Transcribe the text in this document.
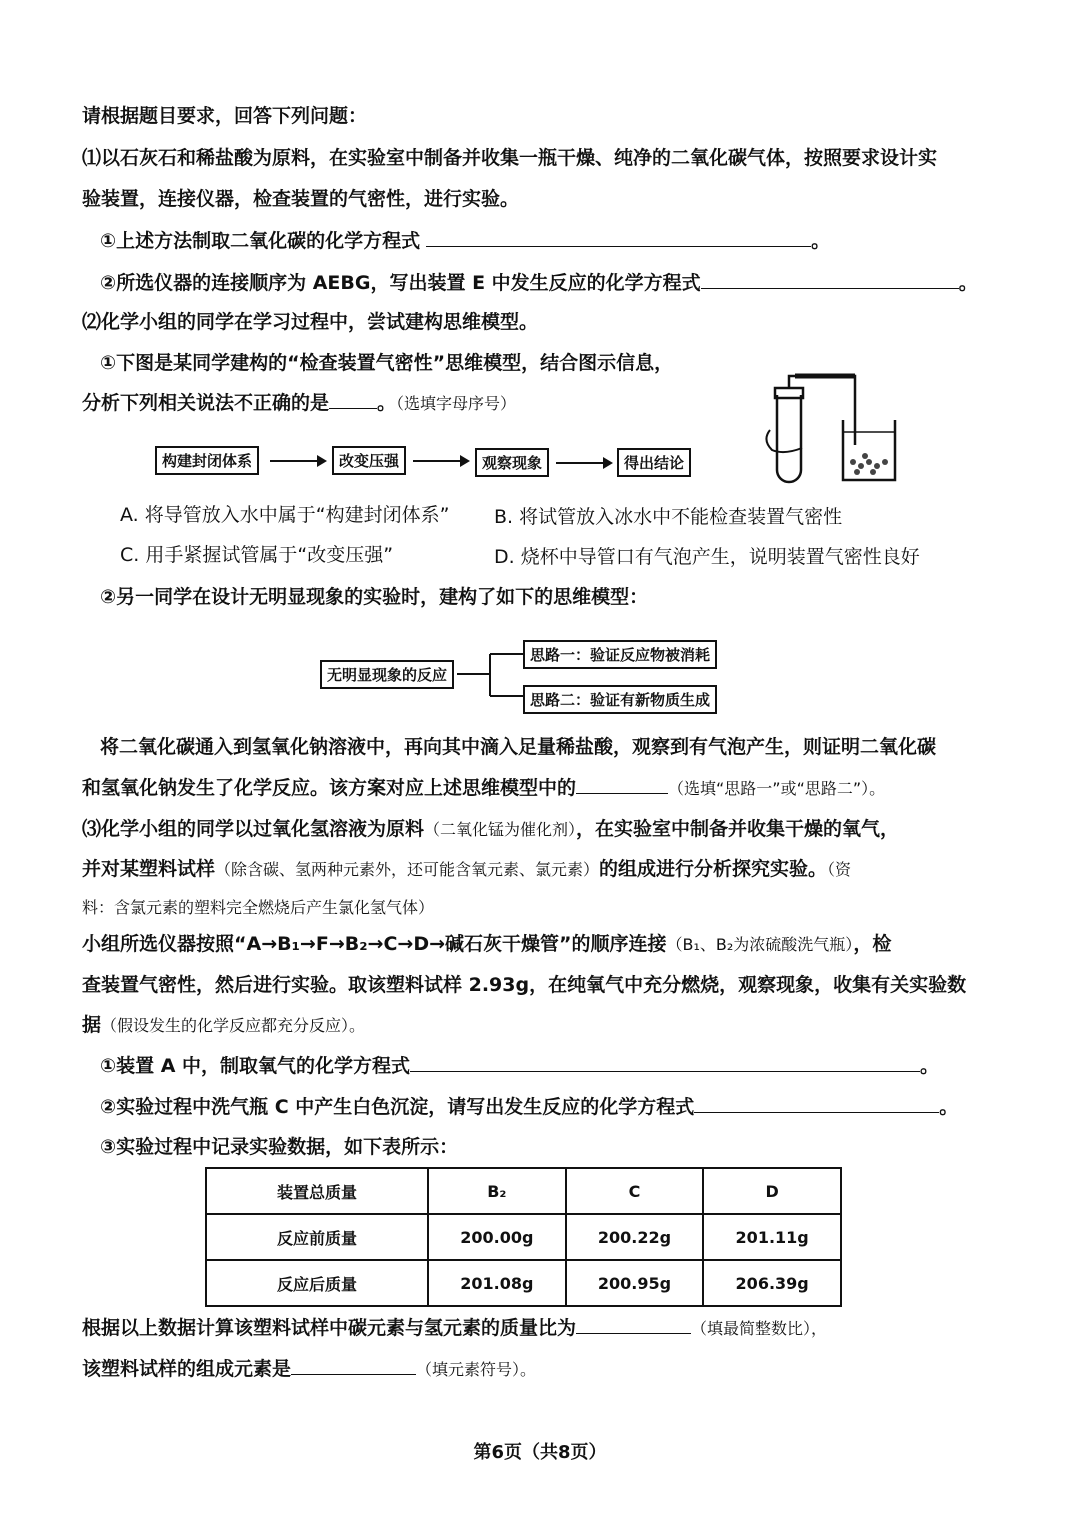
请根据题目要求，回答下列问题：
⑴以石灰石和稀盐酸为原料，在实验室中制备并收集一瓶干燥、纯净的二氧化碳气体，按照要求设计实
验装置，连接仪器，检查装置的气密性，进行实验。
①上述方法制取二氧化碳的化学方程式	。
②所选仪器的连接顺序为 AEBG，写出装置 E 中发生反应的化学方程式	。
⑵化学小组的同学在学习过程中，尝试建构思维模型。
①下图是某同学建构的“检查装置气密性”思维模型，结合图示信息，
分析下列相关说法不正确的是	。（选填字母序号）
构建封闭体系	改变压强	观察现象	得出结论
A. 将导管放入水中属于“构建封闭体系” B. 将试管放入冰水中不能检查装置气密性
C. 用手紧握试管属于“改变压强”	D. 烧杯中导管口有气泡产生，说明装置气密性良好
②另一同学在设计无明显现象的实验时，建构了如下的思维模型：
无明显现象的反应
思路一：验证反应物被消耗
思路二：验证有新物质生成
将二氧化碳通入到氢氧化钠溶液中，再向其中滴入足量稀盐酸，观察到有气泡产生，则证明二氧化碳
和氢氧化钠发生了化学反应。该方案对应上述思维模型中的	（选填“思路一”或“思路二”）。
⑶化学小组的同学以过氧化氢溶液为原料（二氧化锰为催化剂），在实验室中制备并收集干燥的氧气，
并对某塑料试样（除含碳、氢两种元素外，还可能含氧元素、氯元素）的组成进行分析探究实验。（资
料：含氯元素的塑料完全燃烧后产生氯化氢气体）
小组所选仪器按照“A→B₁→F→B₂→C→D→碱石灰干燥管”的顺序连接（B₁、B₂为浓硫酸洗气瓶），检
查装置气密性，然后进行实验。取该塑料试样 2.93g，在纯氧气中充分燃烧，观察现象，收集有关实验数
据（假设发生的化学反应都充分反应）。
①装置 A 中，制取氧气的化学方程式	。
②实验过程中洗气瓶 C 中产生白色沉淀，请写出发生反应的化学方程式	。
③实验过程中记录实验数据，如下表所示：
装置总质量	B₂	C	D
反应前质量	200.00g	200.22g	201.11g
反应后质量	201.08g	200.95g	206.39g
根据以上数据计算该塑料试样中碳元素与氢元素的质量比为	（填最简整数比），
该塑料试样的组成元素是	（填元素符号）。
第6页（共8页）
